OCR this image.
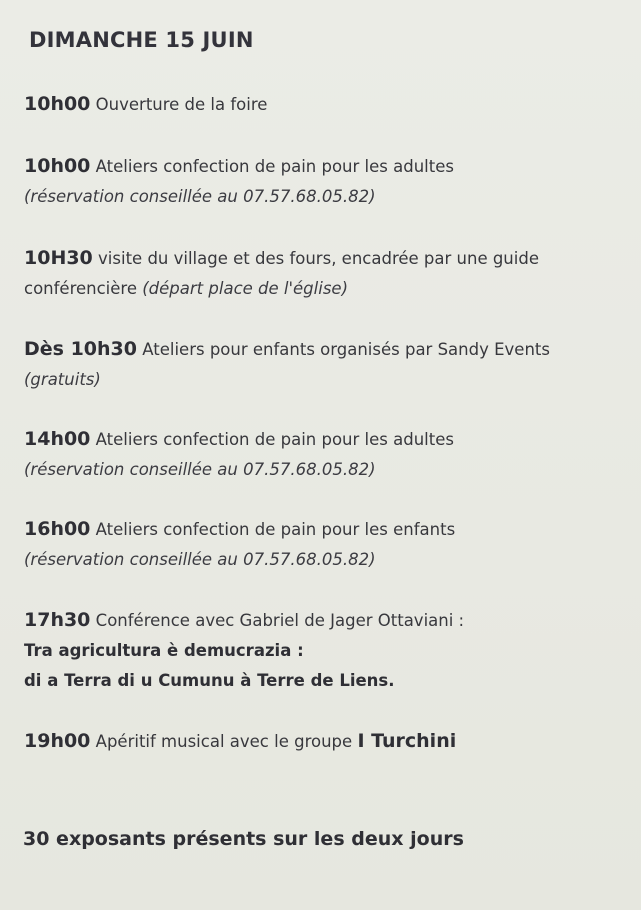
DIMANCHE 15 JUIN
10h00 Ouverture de la foire
10h00 Ateliers confection de pain pour les adultes
(réservation conseillée au 07.57.68.05.82)
10H30 visite du village et des fours, encadrée par une guide
conférencière (départ place de l'église)
Dès 10h30 Ateliers pour enfants organisés par Sandy Events
(gratuits)
14h00 Ateliers confection de pain pour les adultes
(réservation conseillée au 07.57.68.05.82)
16h00 Ateliers confection de pain pour les enfants
(réservation conseillée au 07.57.68.05.82)
17h30 Conférence avec Gabriel de Jager Ottaviani :
Tra agricultura è demucrazia :
di a Terra di u Cumunu à Terre de Liens.
19h00 Apéritif musical avec le groupe I Turchini
30 exposants présents sur les deux jours
